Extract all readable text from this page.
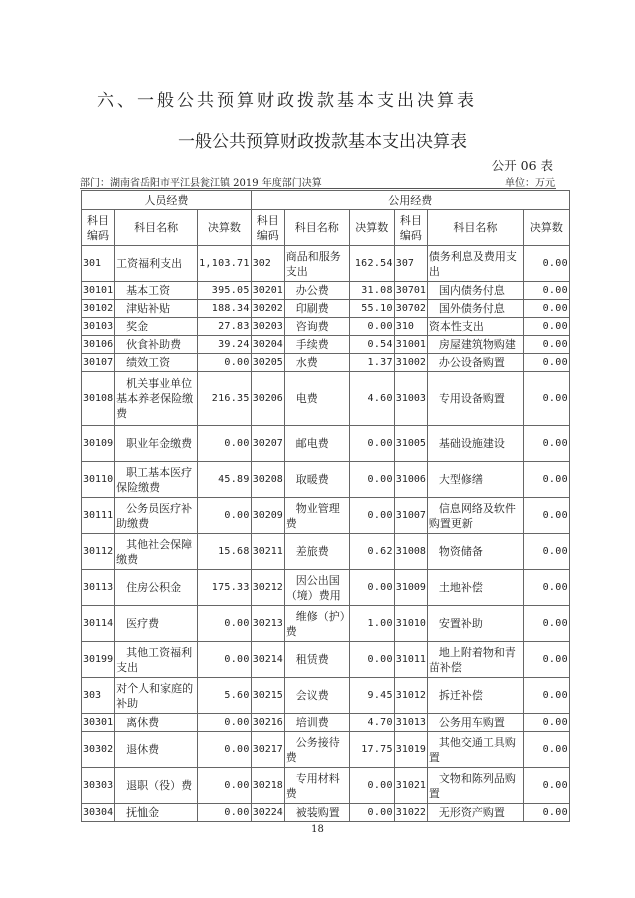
六、一般公共预算财政拨款基本支出决算表
一般公共预算财政拨款基本支出决算表
公开 06 表
部门：湖南省岳阳市平江县瓮江镇 2019 年度部门决算	单位：万元
人员经费			公用经费					
科目编码	科目名称	决算数	科目编码	科目名称	决算数	科目编码	科目名称	决算数
301	工资福利支出	1,103.71	302	商品和服务支出	162.54	307	债务利息及费用支出	0.00
30101	基本工资	395.05	30201	办公费	31.08	30701	国内债务付息	0.00
30102	津贴补贴	188.34	30202	印刷费	55.10	30702	国外债务付息	0.00
30103	奖金	27.83	30203	咨询费	0.00	310	资本性支出	0.00
30106	伙食补助费	39.24	30204	手续费	0.54	31001	房屋建筑物购建	0.00
30107	绩效工资	0.00	30205	水费	1.37	31002	办公设备购置	0.00
30108	机关事业单位基本养老保险缴费	216.35	30206	电费	4.60	31003	专用设备购置	0.00
30109	职业年金缴费	0.00	30207	邮电费	0.00	31005	基础设施建设	0.00
30110	职工基本医疗保险缴费	45.89	30208	取暖费	0.00	31006	大型修缮	0.00
30111	公务员医疗补助缴费	0.00	30209	物业管理费	0.00	31007	信息网络及软件购置更新	0.00
30112	其他社会保障缴费	15.68	30211	差旅费	0.62	31008	物资储备	0.00
30113	住房公积金	175.33	30212	因公出国（境）费用	0.00	31009	土地补偿	0.00
30114	医疗费	0.00	30213	维修（护）费	1.00	31010	安置补助	0.00
30199	其他工资福利支出	0.00	30214	租赁费	0.00	31011	地上附着物和青苗补偿	0.00
303	对个人和家庭的补助	5.60	30215	会议费	9.45	31012	拆迁补偿	0.00
30301	离休费	0.00	30216	培训费	4.70	31013	公务用车购置	0.00
30302	退休费	0.00	30217	公务接待费	17.75	31019	其他交通工具购置	0.00
30303	退职（役）费	0.00	30218	专用材料费	0.00	31021	文物和陈列品购置	0.00
30304	抚恤金	0.00	30224	被装购置	0.00	31022	无形资产购置	0.00
18
